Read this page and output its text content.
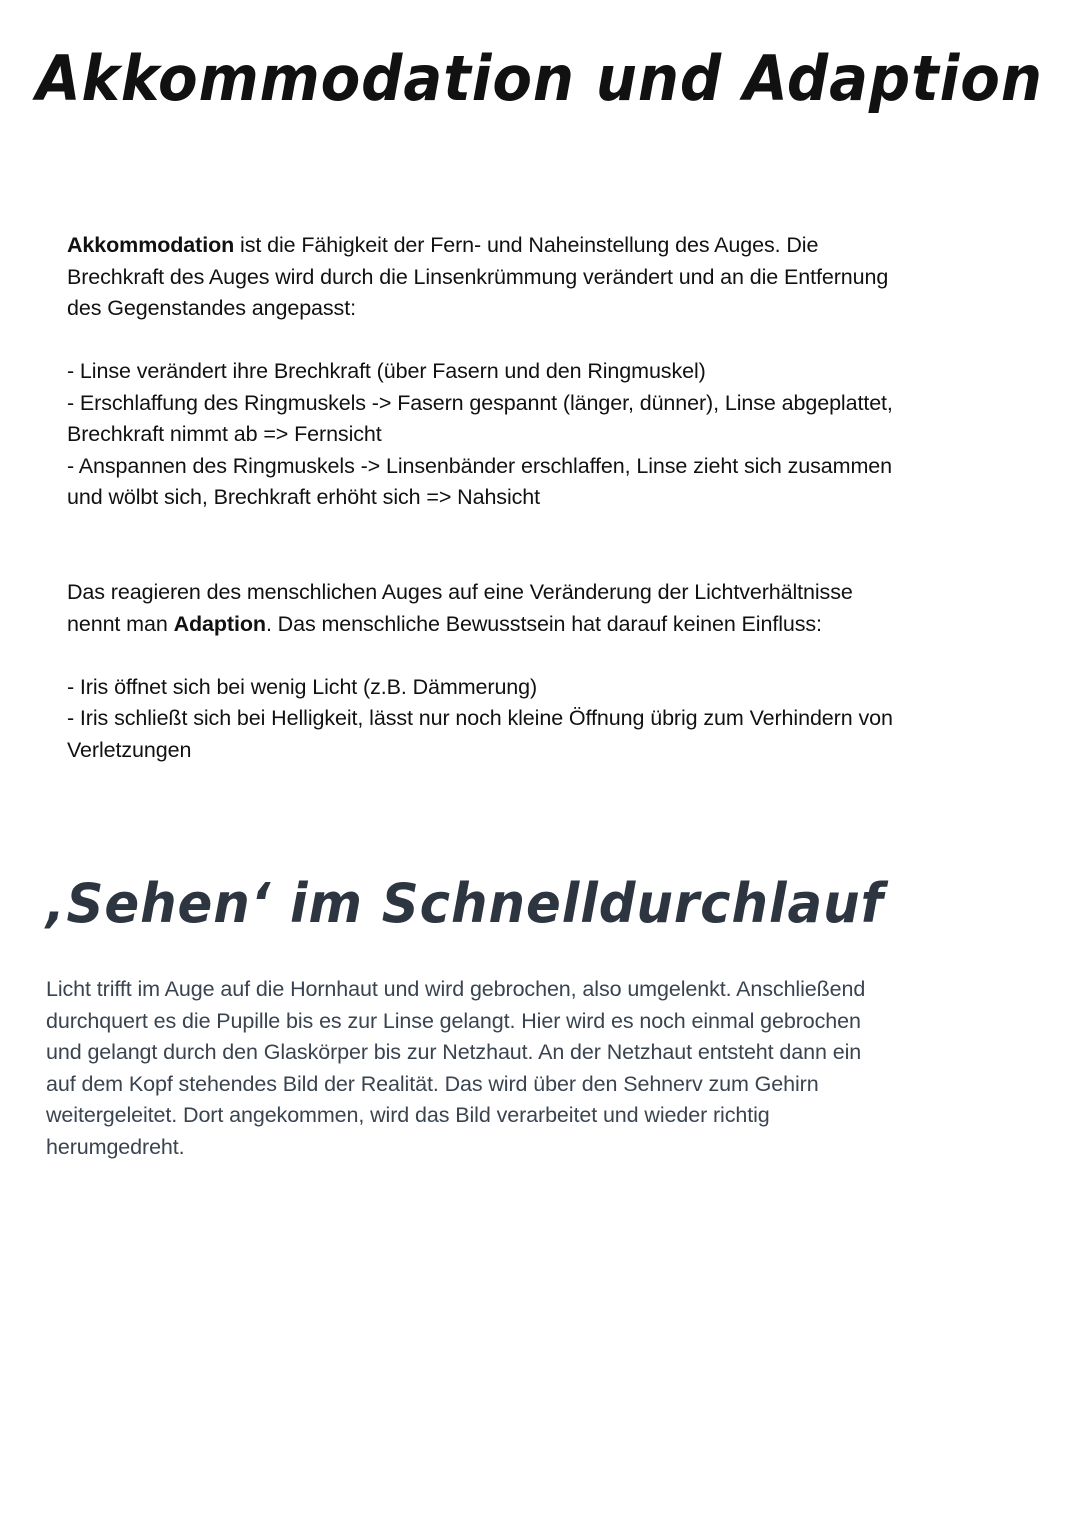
Akkommodation und Adaption

Akkommodation ist die Fähigkeit der Fern- und Naheinstellung des Auges. Die

Brechkraft des Auges wird durch die Linsenkrümmung verändert und an die Entfernung

des Gegenstandes angepasst:

- Linse verändert ihre Brechkraft (über Fasern und den Ringmuskel)

- Erschlaffung des Ringmuskels -> Fasern gespannt (länger, dünner), Linse abgeplattet,

Brechkraft nimmt ab => Fernsicht

- Anspannen des Ringmuskels -> Linsenbänder erschlaffen, Linse zieht sich zusammen

und wölbt sich, Brechkraft erhöht sich => Nahsicht

Das reagieren des menschlichen Auges auf eine Veränderung der Lichtverhältnisse

nennt man Adaption. Das menschliche Bewusstsein hat darauf keinen Einfluss:

- Iris öffnet sich bei wenig Licht (z.B. Dämmerung)

- Iris schließt sich bei Helligkeit, lässt nur noch kleine Öffnung übrig zum Verhindern von

Verletzungen

‚Sehen‘ im Schnelldurchlauf

Licht trifft im Auge auf die Hornhaut und wird gebrochen, also umgelenkt. Anschließend

durchquert es die Pupille bis es zur Linse gelangt. Hier wird es noch einmal gebrochen

und gelangt durch den Glaskörper bis zur Netzhaut. An der Netzhaut entsteht dann ein

auf dem Kopf stehendes Bild der Realität. Das wird über den Sehnerv zum Gehirn

weitergeleitet. Dort angekommen, wird das Bild verarbeitet und wieder richtig

herumgedreht.
